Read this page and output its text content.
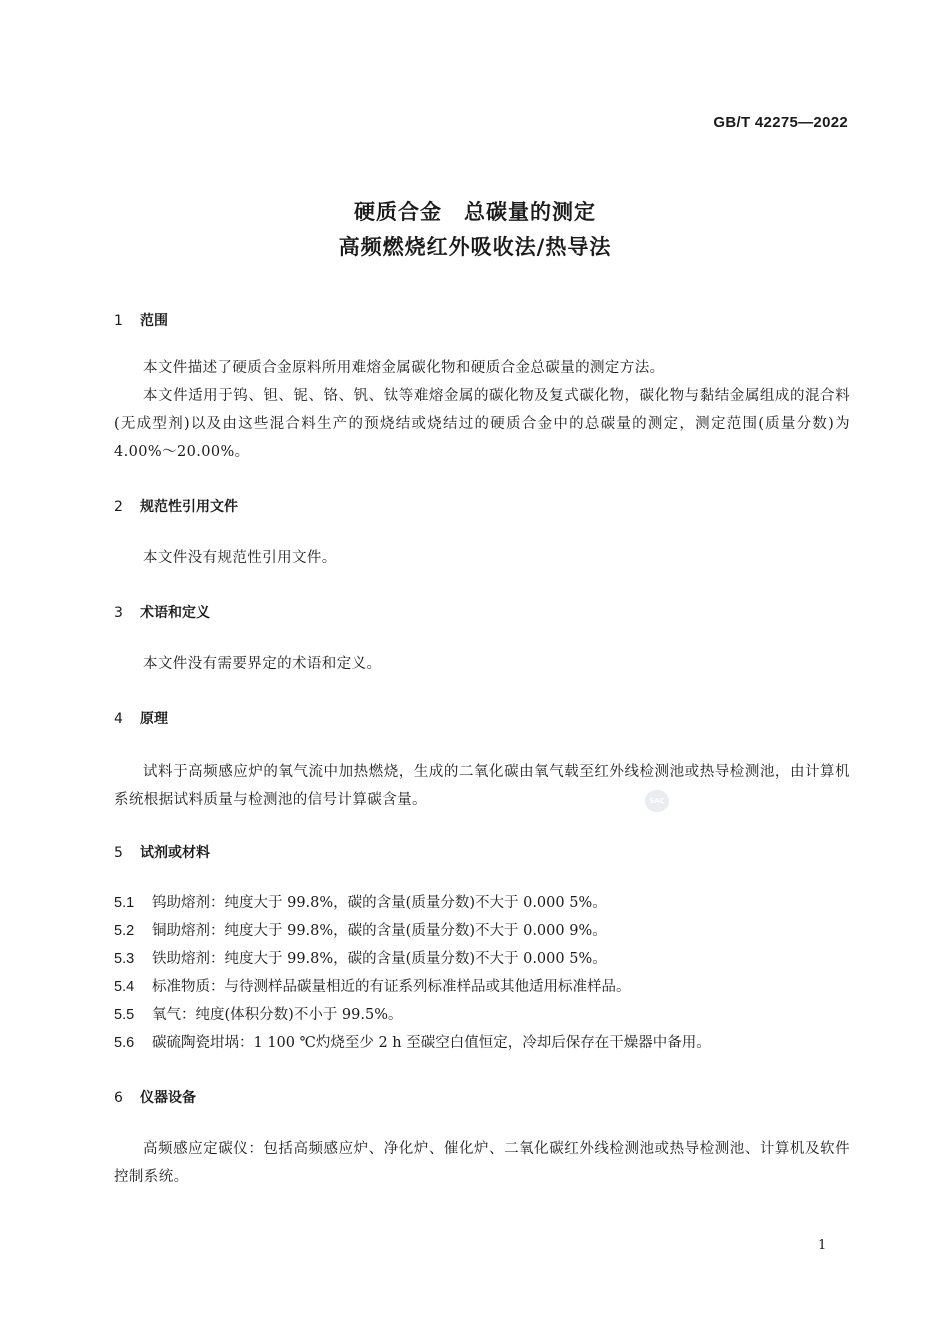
GB/T 42275—2022
硬质合金　总碳量的测定
高频燃烧红外吸收法/热导法
1 范围
本文件描述了硬质合金原料所用难熔金属碳化物和硬质合金总碳量的测定方法。
本文件适用于钨、钽、铌、铬、钒、钛等难熔金属的碳化物及复式碳化物，碳化物与黏结金属组成的混合料(无成型剂)以及由这些混合料生产的预烧结或烧结过的硬质合金中的总碳量的测定，测定范围(质量分数)为 4.00%～20.00%。
2 规范性引用文件
本文件没有规范性引用文件。
3 术语和定义
本文件没有需要界定的术语和定义。
4 原理
试料于高频感应炉的氧气流中加热燃烧，生成的二氧化碳由氧气载至红外线检测池或热导检测池，由计算机系统根据试料质量与检测池的信号计算碳含量。	SAC
5 试剂或材料
5.1 钨助熔剂：纯度大于 99.8%，碳的含量(质量分数)不大于 0.000 5%。
5.2 铜助熔剂：纯度大于 99.8%，碳的含量(质量分数)不大于 0.000 9%。
5.3 铁助熔剂：纯度大于 99.8%，碳的含量(质量分数)不大于 0.000 5%。
5.4 标准物质：与待测样品碳量相近的有证系列标准样品或其他适用标准样品。
5.5 氧气：纯度(体积分数)不小于 99.5%。
5.6 碳硫陶瓷坩埚：1 100 ℃灼烧至少 2 h 至碳空白值恒定，冷却后保存在干燥器中备用。
6 仪器设备
高频感应定碳仪：包括高频感应炉、净化炉、催化炉、二氧化碳红外线检测池或热导检测池、计算机及软件控制系统。
1
